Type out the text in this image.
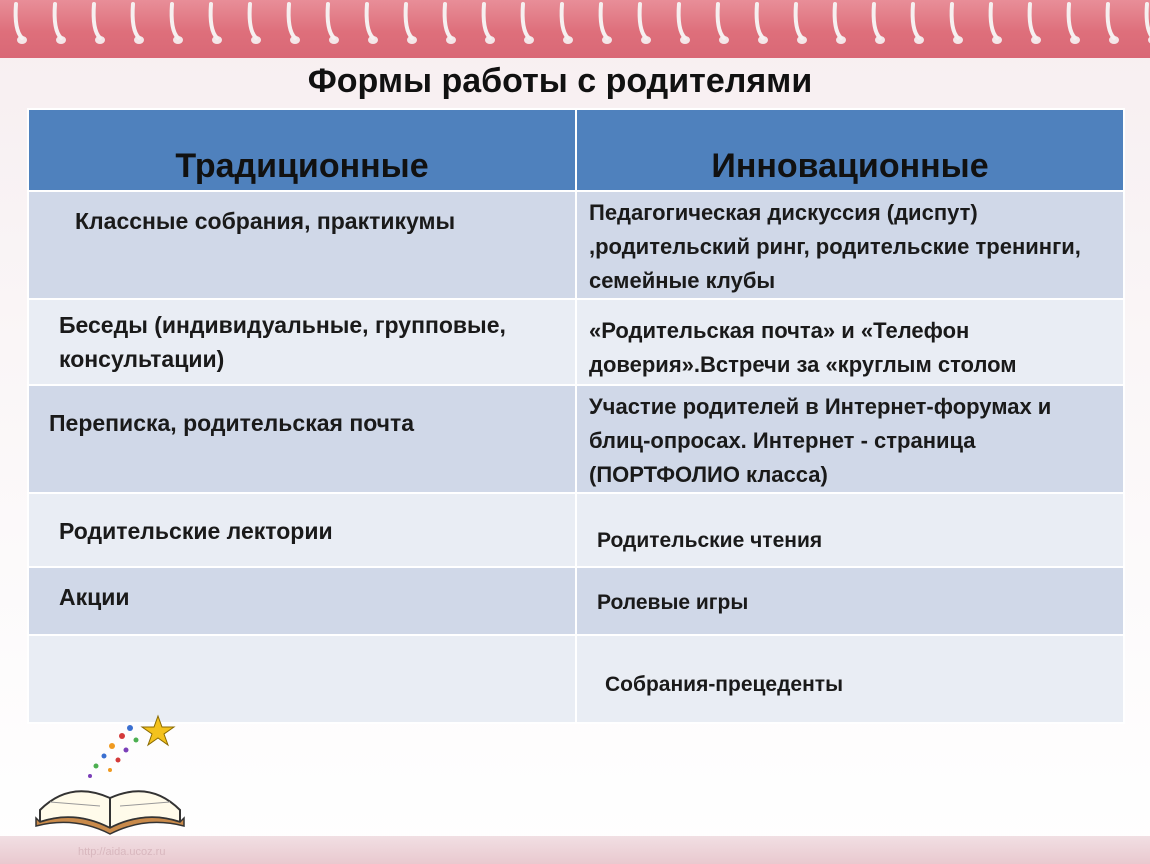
Формы работы с родителями
Традиционные	Инновационные

Классные собрания, практикумы	Педагогическая дискуссия (диспут) ,родительский ринг, родительские тренинги, семейные клубы

Беседы (индивидуальные, групповые, консультации)	«Родительская почта» и «Телефон доверия».Встречи за «круглым столом

Переписка, родительская почта	Участие родителей в Интернет-форумах и блиц-опросах. Интернет - страница (ПОРТФОЛИО класса)

Родительские лектории	Родительские чтения

Акции	Ролевые игры

	Собрания-прецеденты
http://aida.ucoz.ru
